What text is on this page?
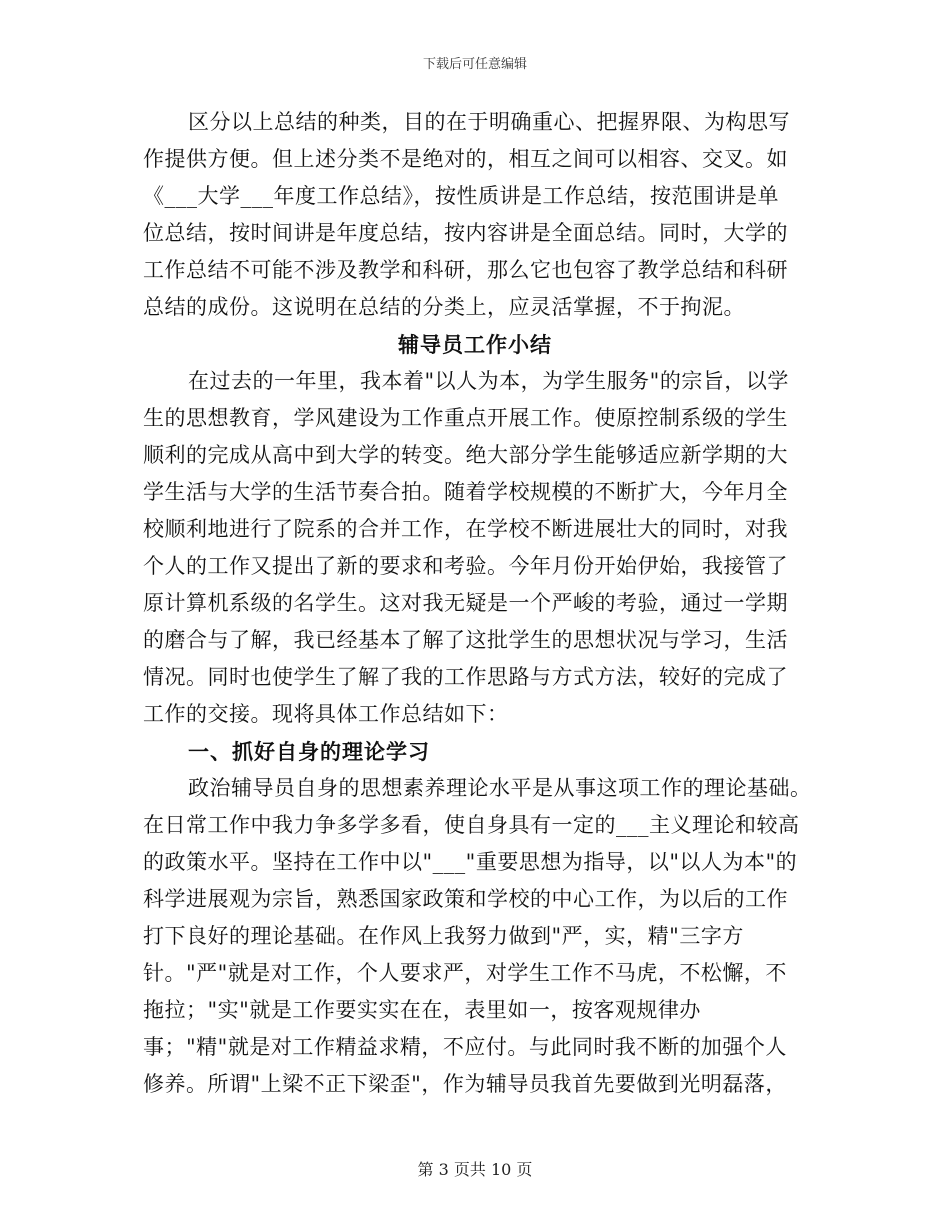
下载后可任意编辑
区分以上总结的种类，目的在于明确重心、把握界限、为构思写
作提供方便。但上述分类不是绝对的，相互之间可以相容、交叉。如
《___大学___年度工作总结》，按性质讲是工作总结，按范围讲是单
位总结，按时间讲是年度总结，按内容讲是全面总结。同时，大学的
工作总结不可能不涉及教学和科研，那么它也包容了教学总结和科研
总结的成份。这说明在总结的分类上，应灵活掌握，不于拘泥。
辅导员工作小结
在过去的一年里，我本着"以人为本，为学生服务"的宗旨，以学
生的思想教育，学风建设为工作重点开展工作。使原控制系级的学生
顺利的完成从高中到大学的转变。绝大部分学生能够适应新学期的大
学生活与大学的生活节奏合拍。随着学校规模的不断扩大，今年月全
校顺利地进行了院系的合并工作，在学校不断进展壮大的同时，对我
个人的工作又提出了新的要求和考验。今年月份开始伊始，我接管了
原计算机系级的名学生。这对我无疑是一个严峻的考验，通过一学期
的磨合与了解，我已经基本了解了这批学生的思想状况与学习，生活
情况。同时也使学生了解了我的工作思路与方式方法，较好的完成了
工作的交接。现将具体工作总结如下：
一、抓好自身的理论学习
政治辅导员自身的思想素养理论水平是从事这项工作的理论基础。
在日常工作中我力争多学多看，使自身具有一定的___主义理论和较高
的政策水平。坚持在工作中以"___"重要思想为指导，以"以人为本"的
科学进展观为宗旨，熟悉国家政策和学校的中心工作，为以后的工作
打下良好的理论基础。在作风上我努力做到"严，实，精"三字方
针。"严"就是对工作，个人要求严，对学生工作不马虎，不松懈，不
拖拉；"实"就是工作要实实在在，表里如一，按客观规律办
事；"精"就是对工作精益求精，不应付。与此同时我不断的加强个人
修养。所谓"上梁不正下梁歪"，作为辅导员我首先要做到光明磊落，
第 3 页共 10 页
